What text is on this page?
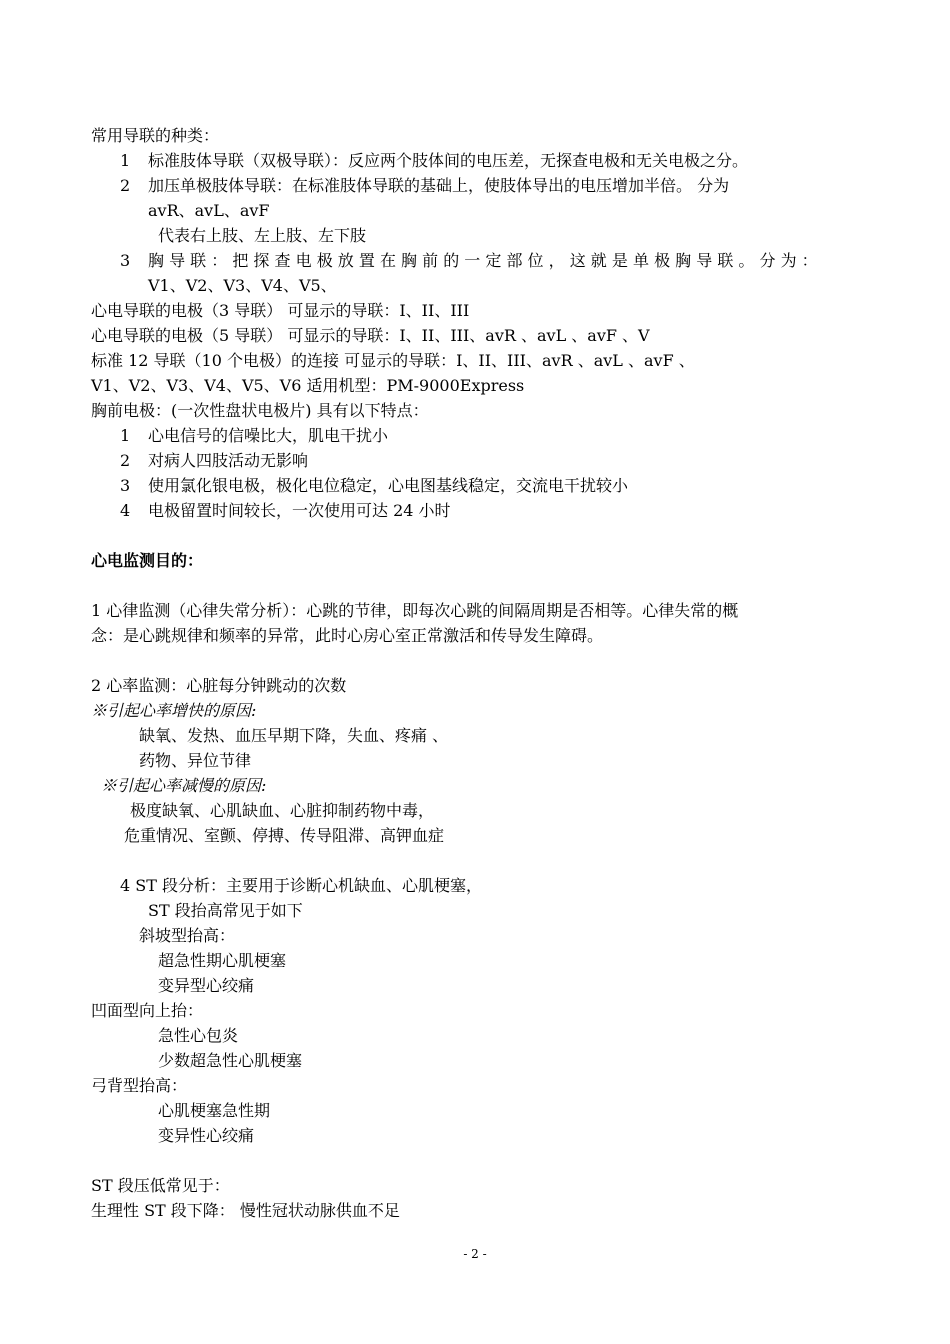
常用导联的种类：
1 标准肢体导联（双极导联）：反应两个肢体间的电压差，无探查电极和无关电极之分。
2 加压单极肢体导联：在标准肢体导联的基础上，使肢体导出的电压增加半倍。 分为
avR、avL、avF
代表右上肢、左上肢、左下肢
3 胸 导 联 ： 把 探 查 电 极 放 置 在 胸 前 的 一 定 部 位 ， 这 就 是 单 极 胸 导 联 。 分 为 ：
V1、V2、V3、V4、V5、
心电导联的电极（3 导联） 可显示的导联：I、II、III
心电导联的电极（5 导联） 可显示的导联：I、II、III、avR 、avL 、avF 、V
标准 12 导联（10 个电极）的连接 可显示的导联：I、II、III、avR 、avL 、avF 、
V1、V2、V3、V4、V5、V6 适用机型：PM-9000Express
胸前电极：(一次性盘状电极片) 具有以下特点：
1 心电信号的信噪比大，肌电干扰小
2 对病人四肢活动无影响
3 使用氯化银电极，极化电位稳定，心电图基线稳定，交流电干扰较小
4 电极留置时间较长，一次使用可达 24 小时
心电监测目的：
1 心律监测（心律失常分析）：心跳的节律，即每次心跳的间隔周期是否相等。心律失常的概
念：是心跳规律和频率的异常，此时心房心室正常激活和传导发生障碍。
2 心率监测：心脏每分钟跳动的次数
※引起心率增快的原因:
缺氧、发热、血压早期下降，失血、疼痛 、
药物、异位节律
※引起心率减慢的原因:
极度缺氧、心肌缺血、心脏抑制药物中毒，
危重情况、室颤、停搏、传导阻滞、高钾血症
4 ST 段分析：主要用于诊断心机缺血、心肌梗塞，
ST 段抬高常见于如下
斜坡型抬高：
超急性期心肌梗塞
变异型心绞痛
凹面型向上抬：
急性心包炎
少数超急性心肌梗塞
弓背型抬高：
心肌梗塞急性期
变异性心绞痛
ST 段压低常见于：
生理性 ST 段下降： 慢性冠状动脉供血不足
- 2 -
